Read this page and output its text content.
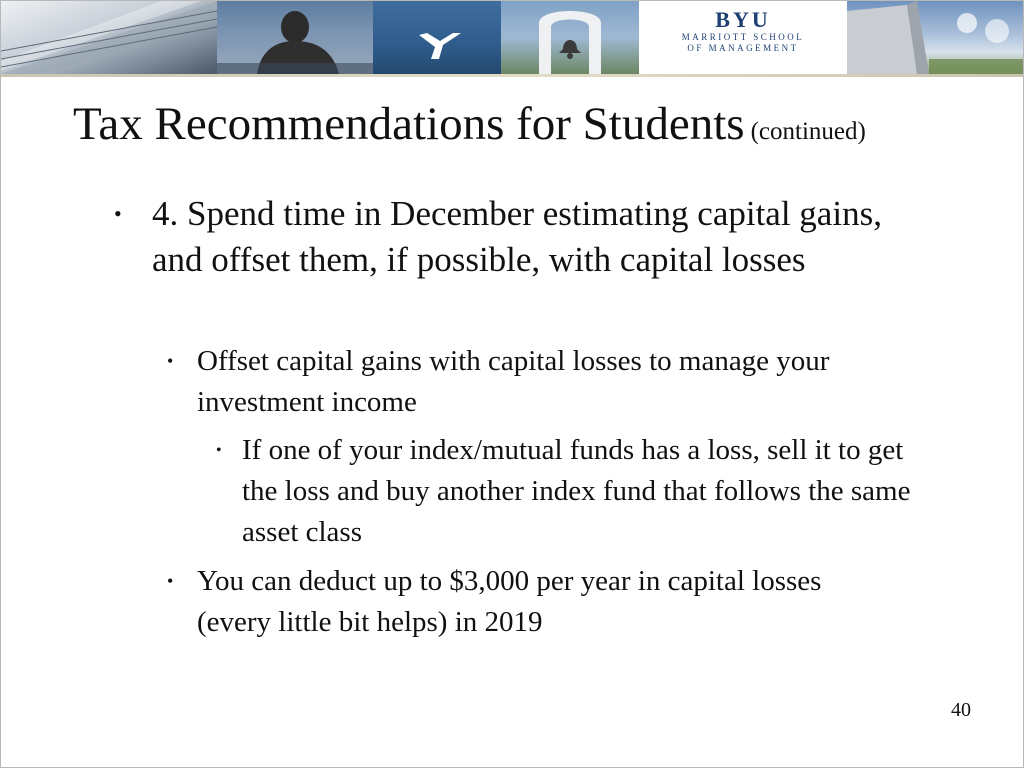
BYU
MARRIOTT SCHOOL
OF MANAGEMENT
Tax Recommendations for Students (continued)

• 4. Spend time in December estimating capital gains, and offset them, if possible, with capital losses

• Offset capital gains with capital losses to manage your investment income

• If one of your index/mutual funds has a loss, sell it to get the loss and buy another index fund that follows the same asset class

• You can deduct up to $3,000 per year in capital losses (every little bit helps) in 2019

40
